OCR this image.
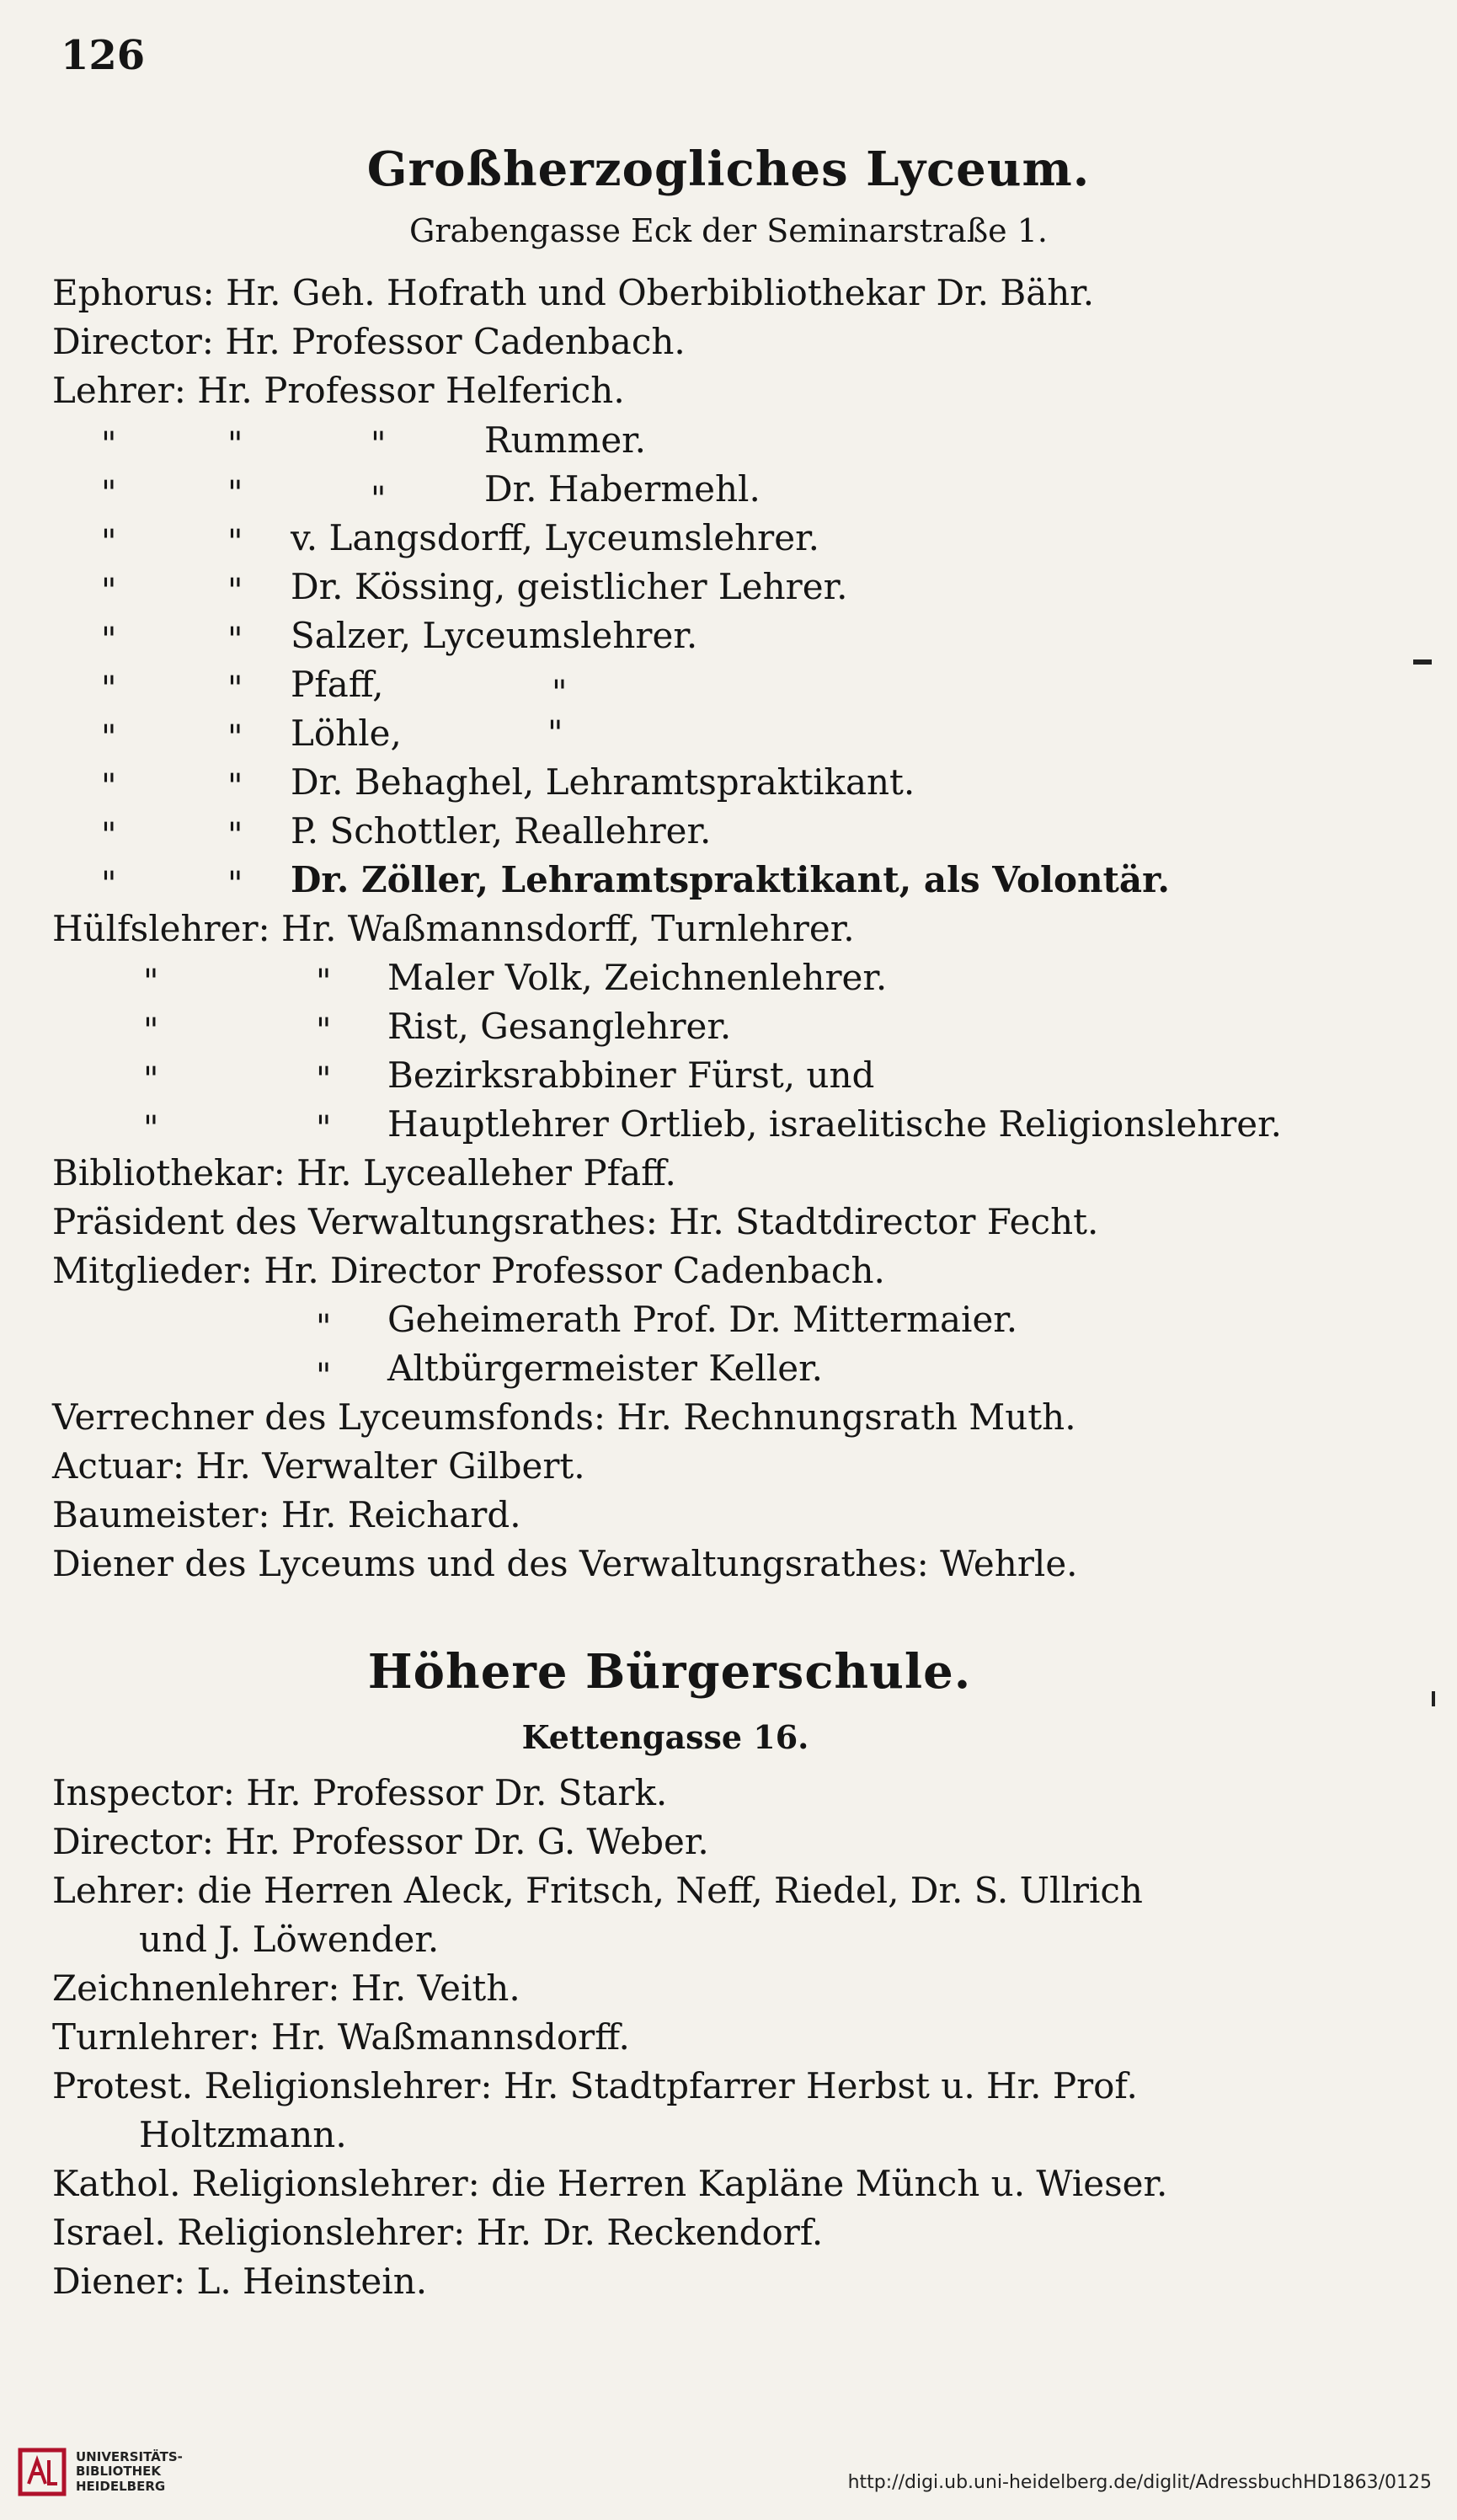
126
Großherzogliches Lyceum.
Grabengasse Eck der Seminarstraße 1.
Ephorus: Hr. Geh. Hofrath und Oberbibliothekar Dr. Bähr.
Director: Hr. Professor Cadenbach.
Lehrer: Hr. Professor Helferich.
"	"	"	Rummer.
"	"	"	Dr. Habermehl.
"	" v. Langsdorff, Lyceumslehrer.
"	" Dr. Kössing, geistlicher Lehrer.
"	" Salzer, Lyceumslehrer.
"	" Pfaff,	"
"	" Löhle,	"
"	" Dr. Behaghel, Lehramtspraktikant.
"	" P. Schottler, Reallehrer.
"	" Dr. Zöller, Lehramtspraktikant, als Volontär.
Hülfslehrer: Hr. Waßmannsdorff, Turnlehrer.
"	" Maler Volk, Zeichnenlehrer.
"	" Rist, Gesanglehrer.
"	" Bezirksrabbiner Fürst, und
"	" Hauptlehrer Ortlieb, israelitische Religionslehrer.
Bibliothekar: Hr. Lycealleher Pfaff.
Präsident des Verwaltungsrathes: Hr. Stadtdirector Fecht.
Mitglieder: Hr. Director Professor Cadenbach.
" Geheimerath Prof. Dr. Mittermaier.
" Altbürgermeister Keller.
Verrechner des Lyceumsfonds: Hr. Rechnungsrath Muth.
Actuar: Hr. Verwalter Gilbert.
Baumeister: Hr. Reichard.
Diener des Lyceums und des Verwaltungsrathes: Wehrle.
Höhere Bürgerschule.
Kettengasse 16.
Inspector: Hr. Professor Dr. Stark.
Director: Hr. Professor Dr. G. Weber.
Lehrer: die Herren Aleck, Fritsch, Neff, Riedel, Dr. S. Ullrich
und J. Löwender.
Zeichnenlehrer: Hr. Veith.
Turnlehrer: Hr. Waßmannsdorff.
Protest. Religionslehrer: Hr. Stadtpfarrer Herbst u. Hr. Prof.
Holtzmann.
Kathol. Religionslehrer: die Herren Kapläne Münch u. Wieser.
Israel. Religionslehrer: Hr. Dr. Reckendorf.
Diener: L. Heinstein.
UNIVERSITÄTS-
BIBLIOTHEK
HEIDELBERG	http://digi.ub.uni-heidelberg.de/diglit/AdressbuchHD1863/0125
